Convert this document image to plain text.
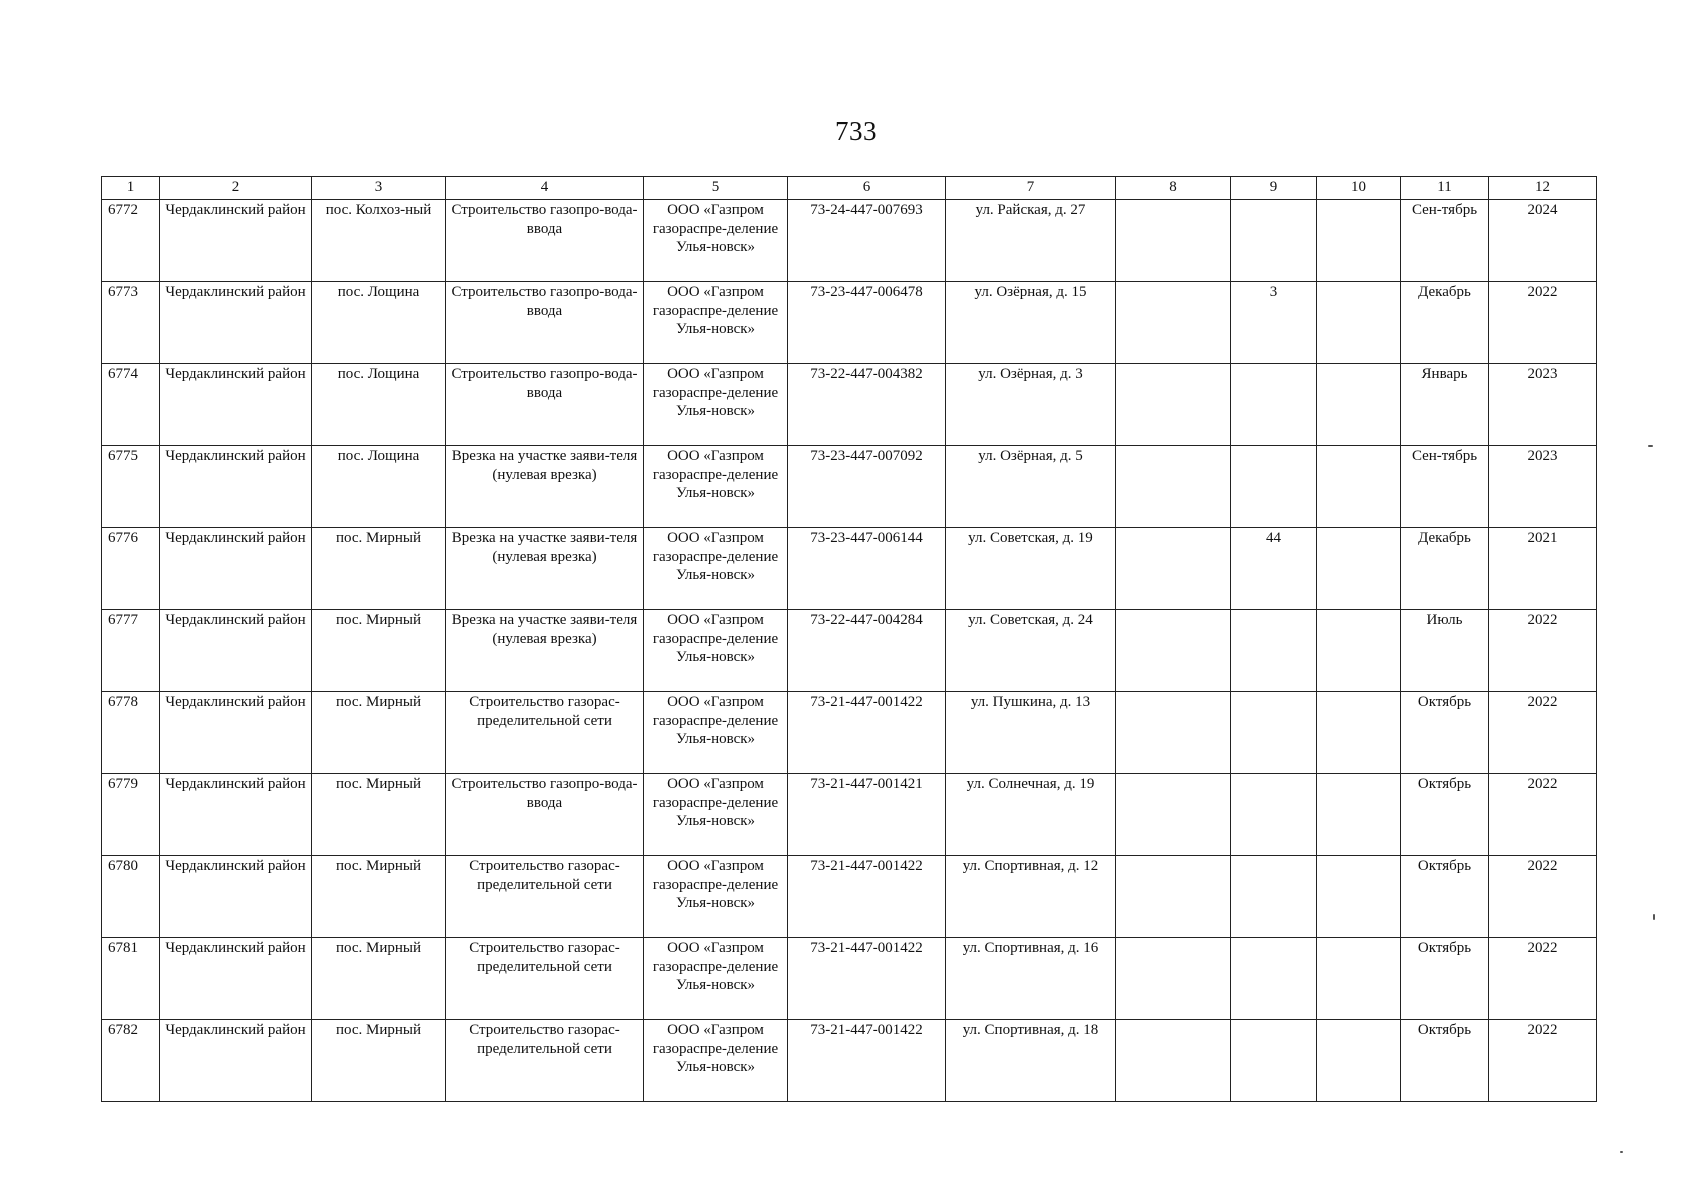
733
1	2	3	4	5	6	7	8	9	10	11	12
6772	Чердаклинский район	пос. Колхоз-ный	Строительство газопро-вода-ввода	ООО «Газпром газораспре-деление Улья-новск»	73-24-447-007693	ул. Райская, д. 27				Сен-тябрь	2024
6773	Чердаклинский район	пос. Лощина	Строительство газопро-вода-ввода	ООО «Газпром газораспре-деление Улья-новск»	73-23-447-006478	ул. Озёрная, д. 15		3		Декабрь	2022
6774	Чердаклинский район	пос. Лощина	Строительство газопро-вода-ввода	ООО «Газпром газораспре-деление Улья-новск»	73-22-447-004382	ул. Озёрная, д. 3				Январь	2023
6775	Чердаклинский район	пос. Лощина	Врезка на участке заяви-теля (нулевая врезка)	ООО «Газпром газораспре-деление Улья-новск»	73-23-447-007092	ул. Озёрная, д. 5				Сен-тябрь	2023
6776	Чердаклинский район	пос. Мирный	Врезка на участке заяви-теля (нулевая врезка)	ООО «Газпром газораспре-деление Улья-новск»	73-23-447-006144	ул. Советская, д. 19		44		Декабрь	2021
6777	Чердаклинский район	пос. Мирный	Врезка на участке заяви-теля (нулевая врезка)	ООО «Газпром газораспре-деление Улья-новск»	73-22-447-004284	ул. Советская, д. 24				Июль	2022
6778	Чердаклинский район	пос. Мирный	Строительство газорас-пределительной сети	ООО «Газпром газораспре-деление Улья-новск»	73-21-447-001422	ул. Пушкина, д. 13				Октябрь	2022
6779	Чердаклинский район	пос. Мирный	Строительство газопро-вода-ввода	ООО «Газпром газораспре-деление Улья-новск»	73-21-447-001421	ул. Солнечная, д. 19				Октябрь	2022
6780	Чердаклинский район	пос. Мирный	Строительство газорас-пределительной сети	ООО «Газпром газораспре-деление Улья-новск»	73-21-447-001422	ул. Спортивная, д. 12				Октябрь	2022
6781	Чердаклинский район	пос. Мирный	Строительство газорас-пределительной сети	ООО «Газпром газораспре-деление Улья-новск»	73-21-447-001422	ул. Спортивная, д. 16				Октябрь	2022
6782	Чердаклинский район	пос. Мирный	Строительство газорас-пределительной сети	ООО «Газпром газораспре-деление Улья-новск»	73-21-447-001422	ул. Спортивная, д. 18				Октябрь	2022
